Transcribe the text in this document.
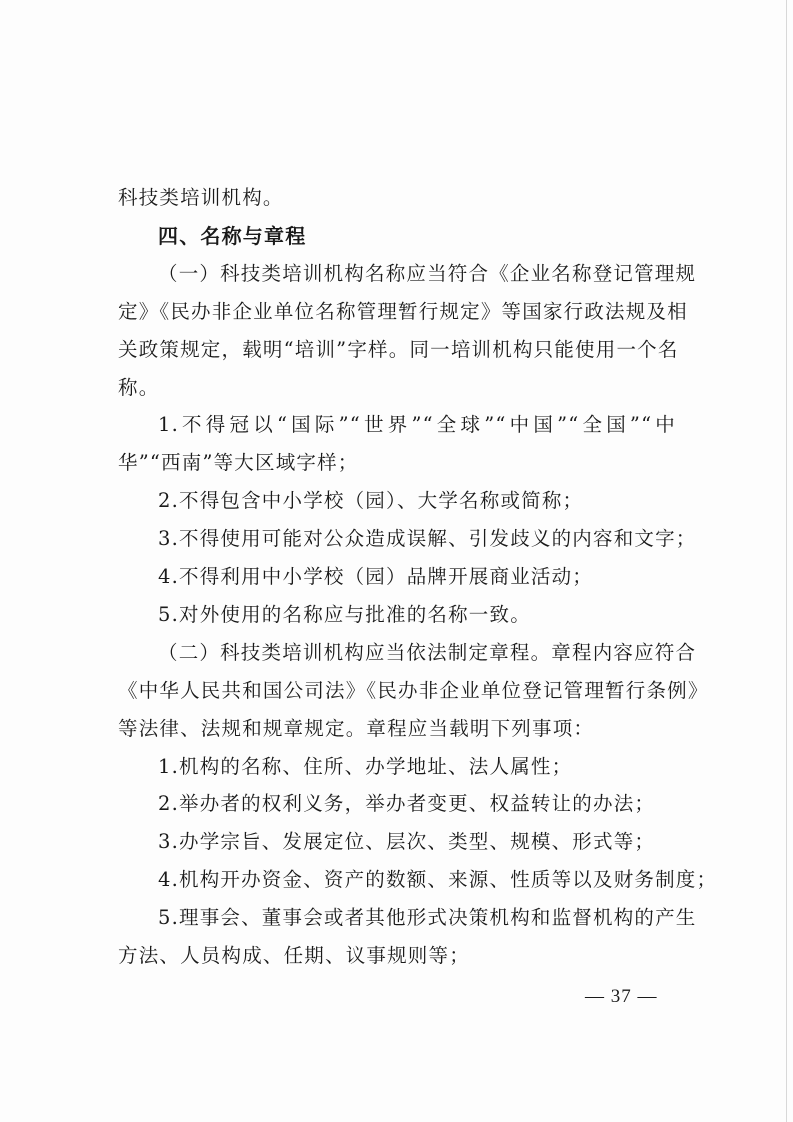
科技类培训机构。
四、名称与章程
（一）科技类培训机构名称应当符合《企业名称登记管理规
定》《民办非企业单位名称管理暂行规定》等国家行政法规及相
关政策规定，载明“培训”字样。同一培训机构只能使用一个名
称。
1.不得冠以“国际”“世界”“全球”“中国”“全国”“中
华”“西南”等大区域字样；
2.不得包含中小学校（园）、大学名称或简称；
3.不得使用可能对公众造成误解、引发歧义的内容和文字；
4.不得利用中小学校（园）品牌开展商业活动；
5.对外使用的名称应与批准的名称一致。
（二）科技类培训机构应当依法制定章程。章程内容应符合
《中华人民共和国公司法》《民办非企业单位登记管理暂行条例》
等法律、法规和规章规定。章程应当载明下列事项：
1.机构的名称、住所、办学地址、法人属性；
2.举办者的权利义务，举办者变更、权益转让的办法；
3.办学宗旨、发展定位、层次、类型、规模、形式等；
4.机构开办资金、资产的数额、来源、性质等以及财务制度；
5.理事会、董事会或者其他形式决策机构和监督机构的产生
方法、人员构成、任期、议事规则等；
— 37 —
